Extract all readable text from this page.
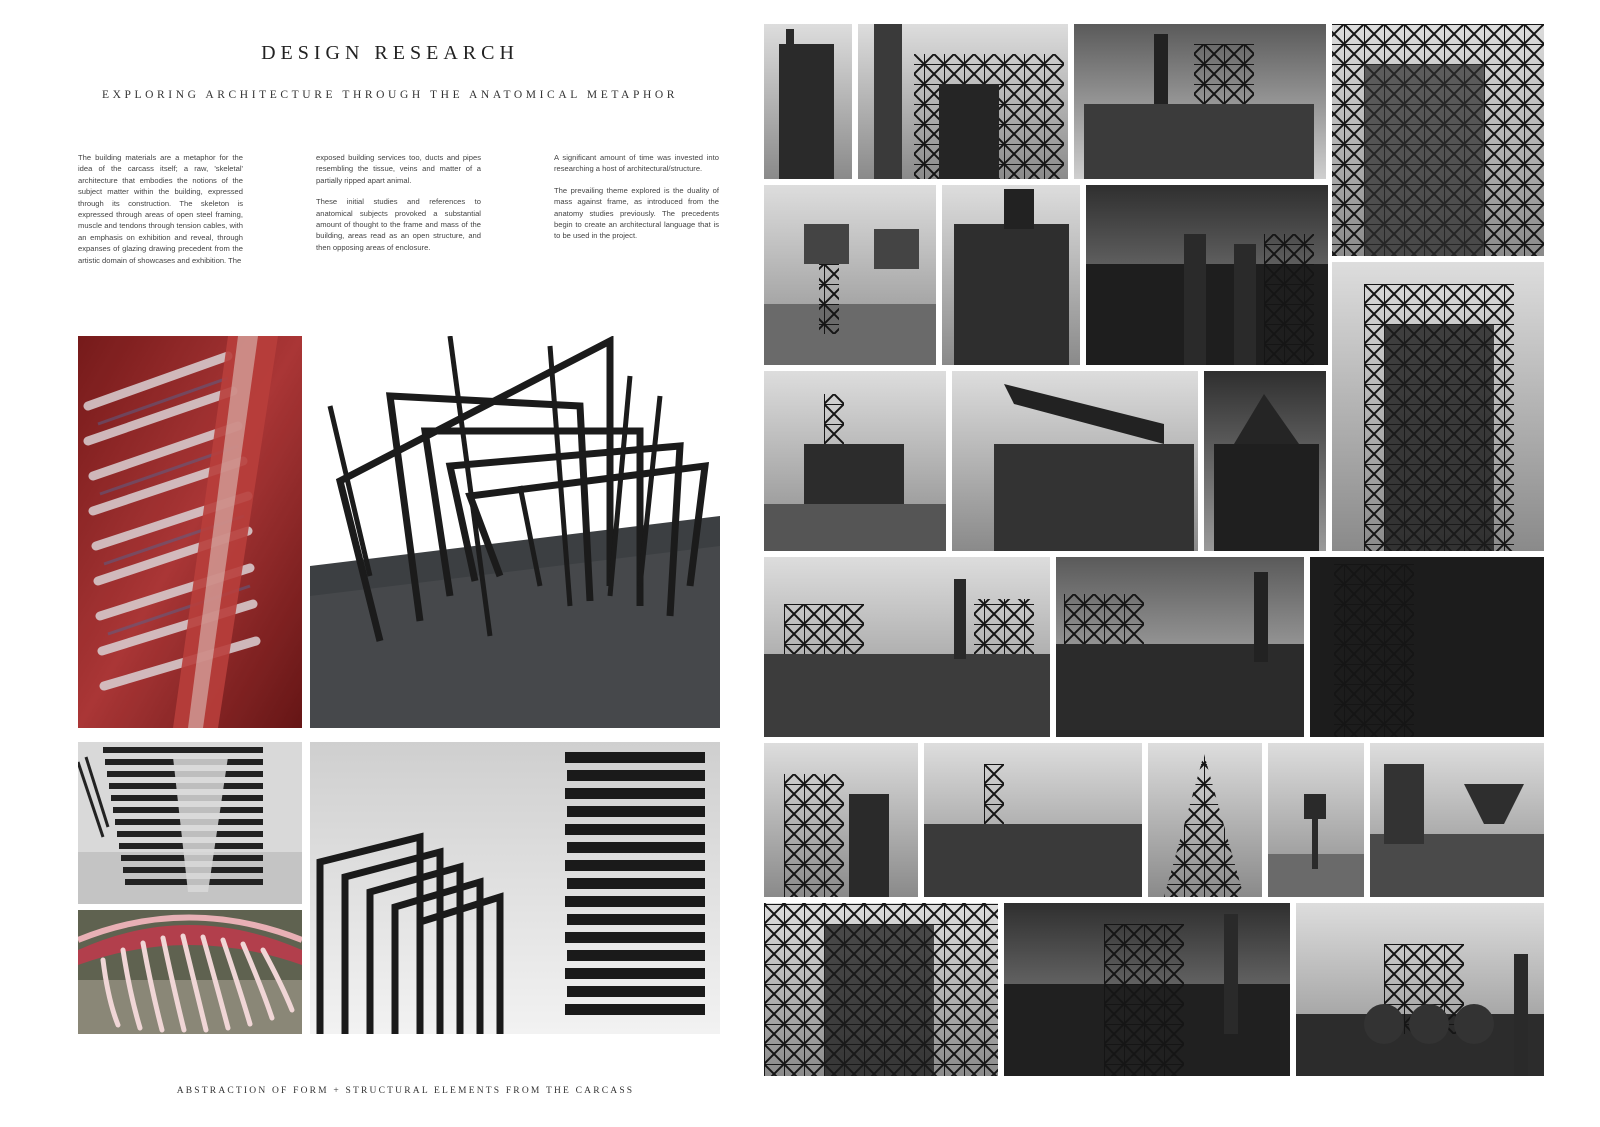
DESIGN RESEARCH
EXPLORING ARCHITECTURE THROUGH THE ANATOMICAL METAPHOR

The building materials are a metaphor for the idea of the carcass itself; a raw, 'skeletal' architecture that embodies the notions of the subject matter within the building, expressed through its construction. The skeleton is expressed through areas of open steel framing, muscle and tendons through tension cables, with an emphasis on exhibition and reveal, through expanses of glazing drawing precedent from the artistic domain of showcases and exhibition. The

exposed building services too, ducts and pipes resembling the tissue, veins and matter of a partially ripped apart animal.

These initial studies and references to anatomical subjects provoked a substantial amount of thought to the frame and mass of the building, areas read as an open structure, and then opposing areas of enclosure.

A significant amount of time was invested into researching a host of architectural/structure.

The prevailing theme explored is the duality of mass against frame, as introduced from the anatomy studies previously. The precedents begin to create an architectural language that is to be used in the project.

ABSTRACTION OF FORM + STRUCTURAL ELEMENTS FROM THE CARCASS
